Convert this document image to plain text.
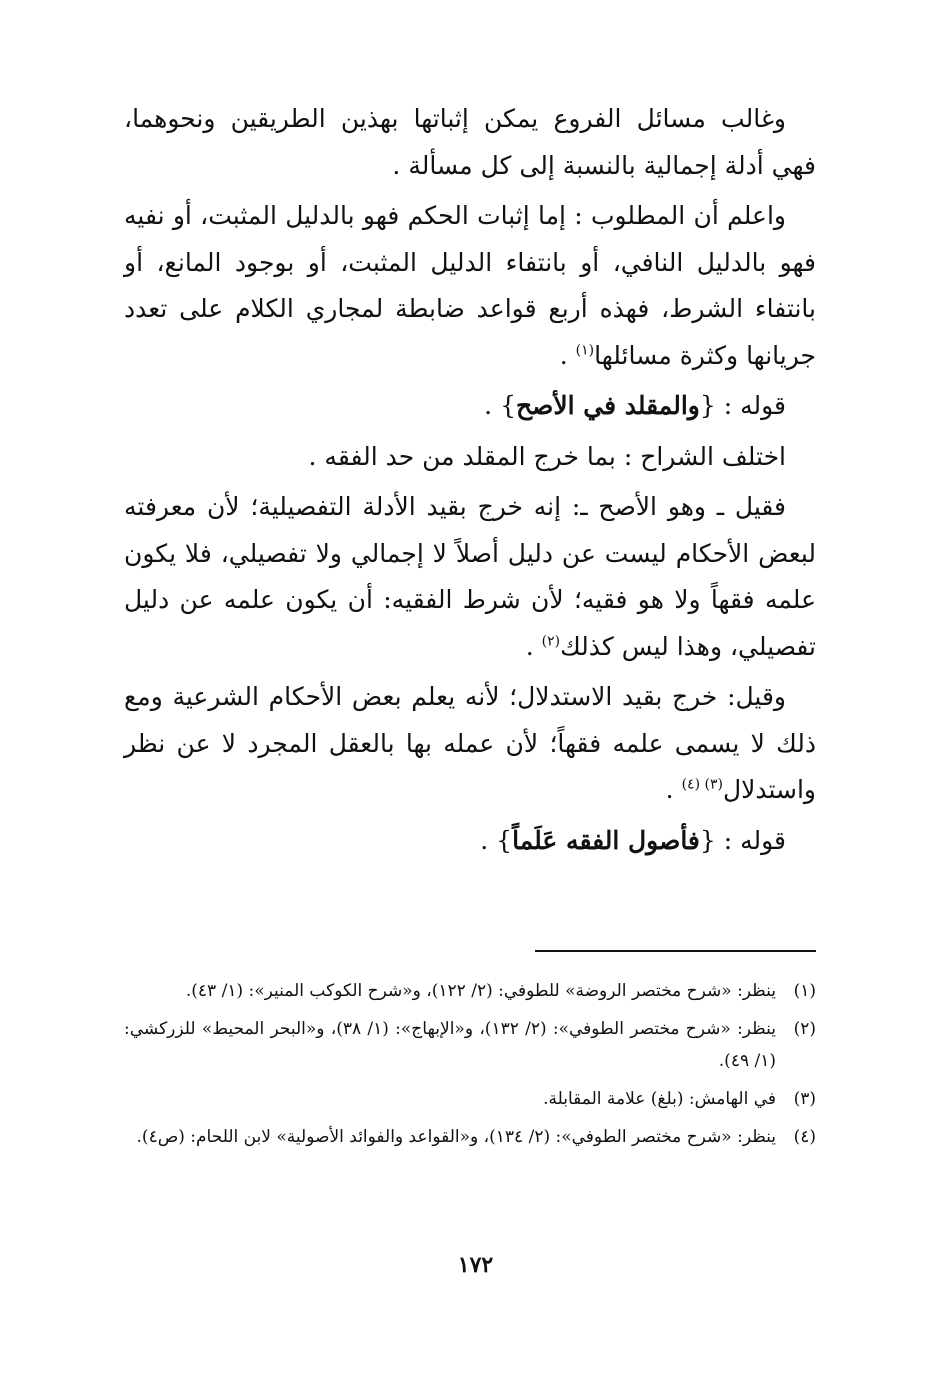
وغالب مسائل الفروع يمكن إثباتها بهذين الطريقين ونحوهما، فهي أدلة إجمالية بالنسبة إلى كل مسألة .

واعلم أن المطلوب : إما إثبات الحكم فهو بالدليل المثبت، أو نفيه فهو بالدليل النافي، أو بانتفاء الدليل المثبت، أو بوجود المانع، أو بانتفاء الشرط، فهذه أربع قواعد ضابطة لمجاري الكلام على تعدد جريانها وكثرة مسائلها$^{(١)}$ .

قوله : {والمقلد في الأصح} .

اختلف الشراح : بما خرج المقلد من حد الفقه .

فقيل ـ وهو الأصح ـ: إنه خرج بقيد الأدلة التفصيلية؛ لأن معرفته لبعض الأحكام ليست عن دليل أصلاً لا إجمالي ولا تفصيلي، فلا يكون علمه فقهاً ولا هو فقيه؛ لأن شرط الفقيه: أن يكون علمه عن دليل تفصيلي، وهذا ليس كذلك$^{(٢)}$ .

وقيل: خرج بقيد الاستدلال؛ لأنه يعلم بعض الأحكام الشرعية ومع ذلك لا يسمى علمه فقهاً؛ لأن عمله بها بالعقل المجرد لا عن نظر واستدلال$^{(٣) (٤)}$ .

قوله : {فأصول الفقه عَلَماً} .

(١)
ينظر: «شرح مختصر الروضة» للطوفي: (٢/ ١٢٢)، و«شرح الكوكب المنير»: (١/ ٤٣).
(٢)
ينظر: «شرح مختصر الطوفي»: (٢/ ١٣٢)، و«الإبهاج»: (١/ ٣٨)، و«البحر المحيط» للزركشي: (١/ ٤٩).
(٣)
في الهامش: (بلغ) علامة المقابلة.
(٤)
ينظر: «شرح مختصر الطوفي»: (٢/ ١٣٤)، و«القواعد والفوائد الأصولية» لابن اللحام: (ص٤).
١٧٢
